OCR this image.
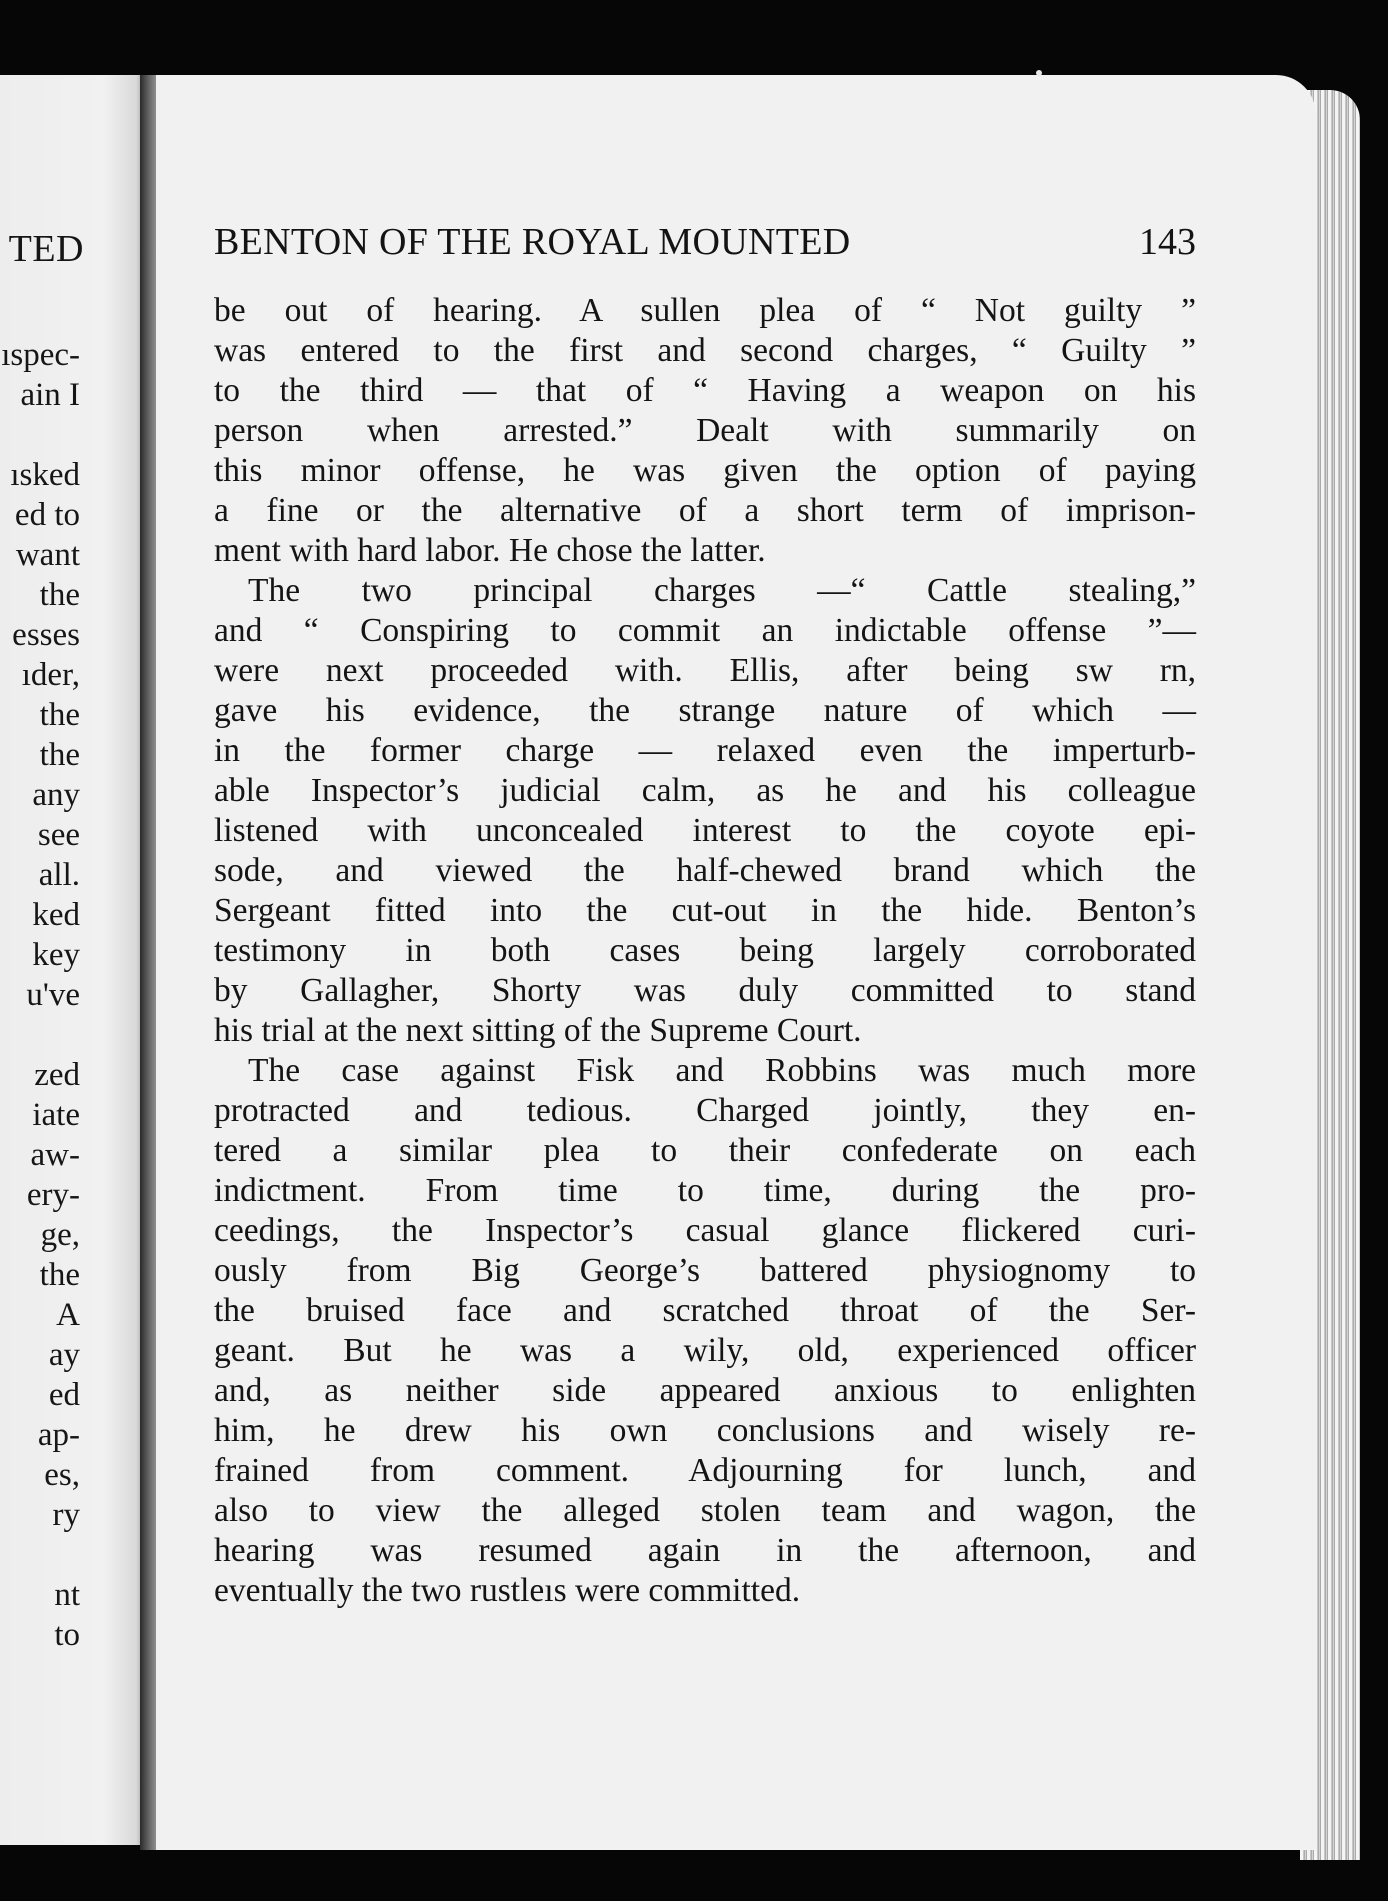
TED
ıspec-
ain I
ısked
ed to
want
the
esses
ıder,
the
the
any
see
all.
ked
key
u've
zed
iate
aw-
ery-
ge,
the
A
ay
ed
ap-
es,
ry
nt
to
BENTON OF THE ROYAL MOUNTED	143
be out of hearing. A sullen plea of “ Not guilty ”
was entered to the first and second charges, “ Guilty ”
to the third — that of “ Having a weapon on his
person when arrested.” Dealt with summarily on
this minor offense, he was given the option of paying
a fine or the alternative of a short term of imprison-
ment with hard labor. He chose the latter.
The two principal charges —“ Cattle stealing,”
and “ Conspiring to commit an indictable offense ”—
were next proceeded with. Ellis, after being sw rn,
gave his evidence, the strange nature of which —
in the former charge — relaxed even the imperturb-
able Inspector’s judicial calm, as he and his colleague
listened with unconcealed interest to the coyote epi-
sode, and viewed the half-chewed brand which the
Sergeant fitted into the cut-out in the hide. Benton’s
testimony in both cases being largely corroborated
by Gallagher, Shorty was duly committed to stand
his trial at the next sitting of the Supreme Court.
The case against Fisk and Robbins was much more
protracted and tedious. Charged jointly, they en-
tered a similar plea to their confederate on each
indictment. From time to time, during the pro-
ceedings, the Inspector’s casual glance flickered curi-
ously from Big George’s battered physiognomy to
the bruised face and scratched throat of the Ser-
geant. But he was a wily, old, experienced officer
and, as neither side appeared anxious to enlighten
him, he drew his own conclusions and wisely re-
frained from comment. Adjourning for lunch, and
also to view the alleged stolen team and wagon, the
hearing was resumed again in the afternoon, and
eventually the two rustleıs were committed.
